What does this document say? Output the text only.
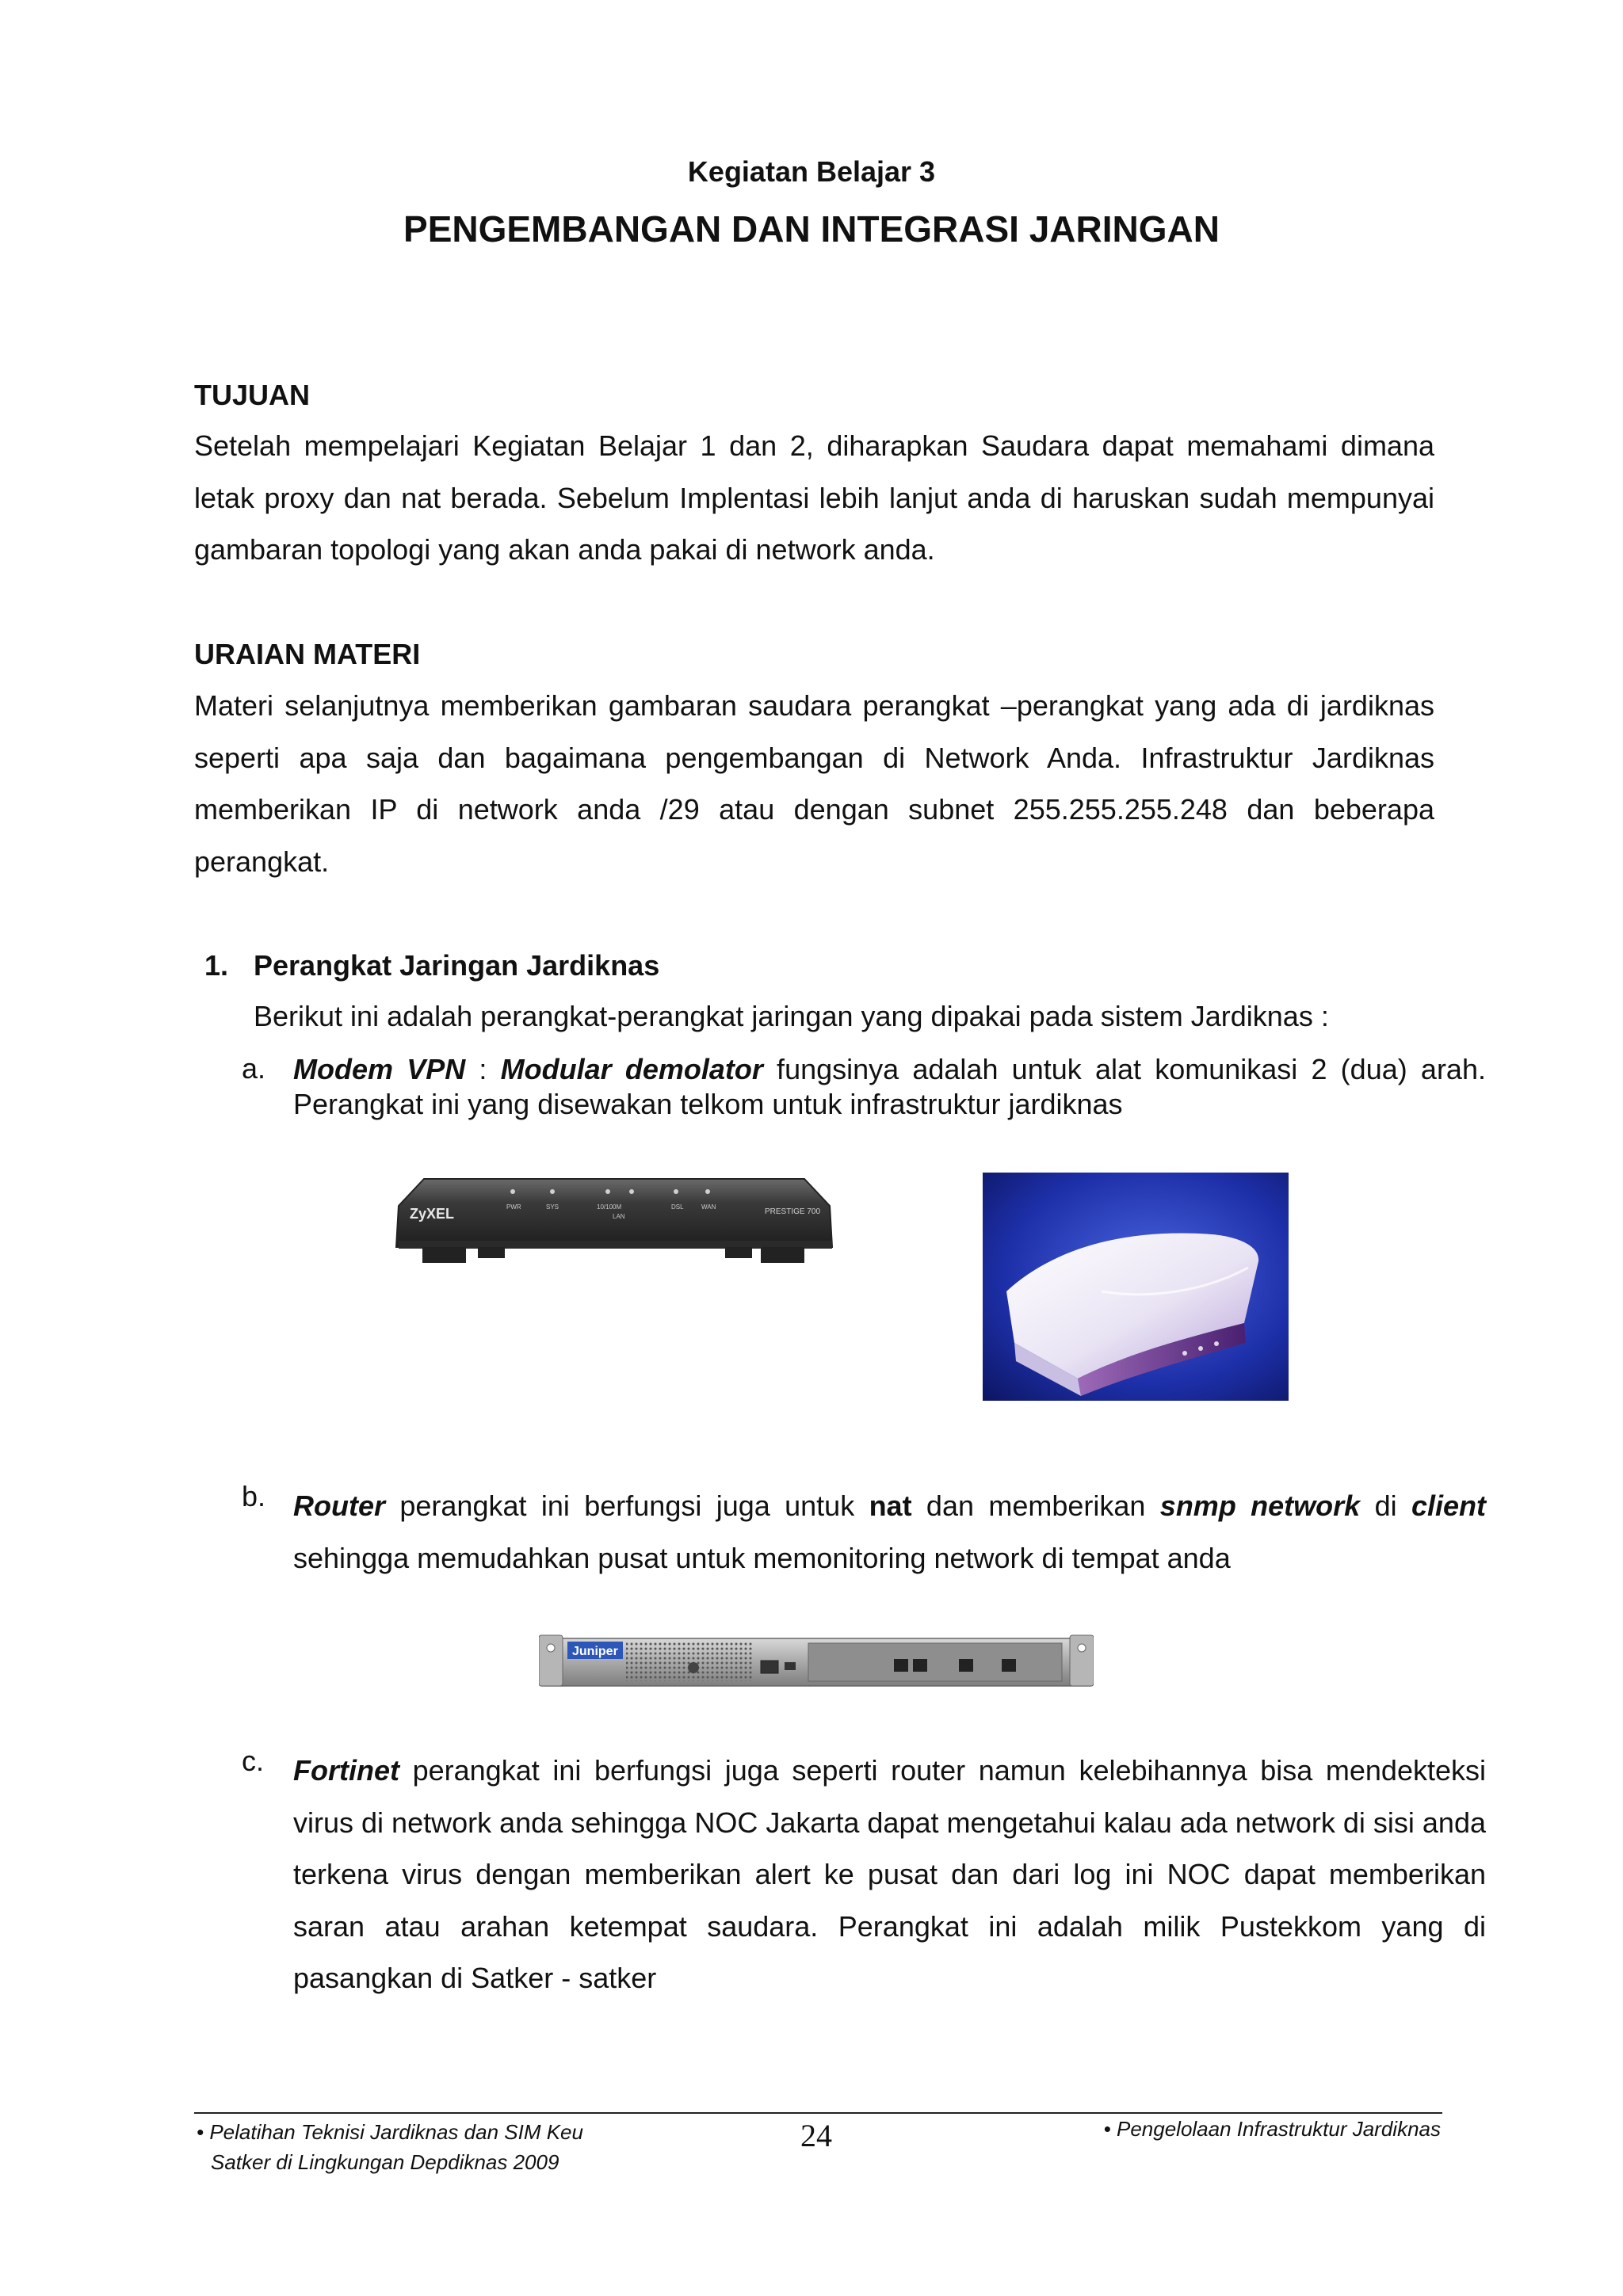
Kegiatan Belajar 3
PENGEMBANGAN DAN INTEGRASI JARINGAN
TUJUAN
Setelah mempelajari Kegiatan Belajar 1 dan 2, diharapkan Saudara dapat memahami dimana letak proxy dan nat berada. Sebelum Implentasi lebih lanjut anda di haruskan sudah mempunyai gambaran topologi yang akan anda pakai di network anda.
URAIAN MATERI
Materi selanjutnya memberikan gambaran saudara perangkat –perangkat yang ada di jardiknas seperti apa saja dan bagaimana pengembangan di Network Anda. Infrastruktur Jardiknas memberikan IP di network anda /29 atau dengan subnet 255.255.255.248 dan beberapa perangkat.
1. Perangkat Jaringan Jardiknas
Berikut ini adalah perangkat-perangkat jaringan yang dipakai pada sistem Jardiknas :
a. Modem VPN : Modular demolator fungsinya adalah untuk alat komunikasi 2 (dua) arah. Perangkat ini yang disewakan telkom untuk infrastruktur jardiknas
ZyXEL	PWR	SYS	10/100M
LAN
DSL	WAN
PRESTIGE 700
b. Router perangkat ini berfungsi juga untuk nat dan memberikan snmp network di client sehingga memudahkan pusat untuk memonitoring network di tempat anda
Juniper
c. Fortinet perangkat ini berfungsi juga seperti router namun kelebihannya bisa mendekteksi virus di network anda sehingga NOC Jakarta dapat mengetahui kalau ada network di sisi anda terkena virus dengan memberikan alert ke pusat dan dari log ini NOC dapat memberikan saran atau arahan ketempat saudara. Perangkat ini adalah milik Pustekkom yang di pasangkan di Satker - satker
• Pelatihan Teknisi Jardiknas dan SIM Keu
Satker di Lingkungan Depdiknas 2009
24	• Pengelolaan Infrastruktur Jardiknas
